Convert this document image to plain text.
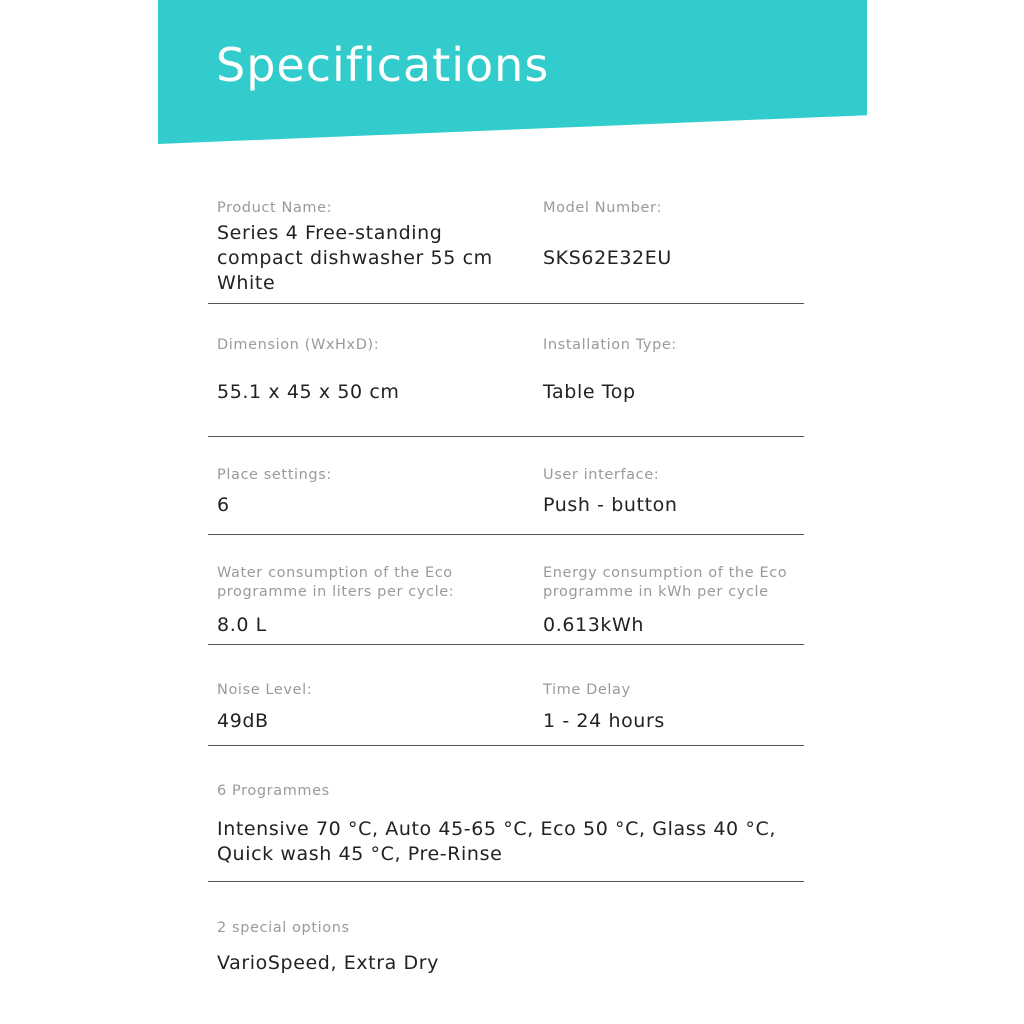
Specifications
Product Name:
Series 4 Free-standing
compact dishwasher 55 cm
White
Model Number:
SKS62E32EU
Dimension (WxHxD):
55.1 x 45 x 50 cm
Installation Type:
Table Top
Place settings:
6
User interface:
Push - button
Water consumption of the Eco
programme in liters per cycle:
8.0 L
Energy consumption of the Eco
programme in kWh per cycle
0.613kWh
Noise Level:
49dB
Time Delay
1 - 24 hours
6 Programmes
Intensive 70 °C, Auto 45-65 °C, Eco 50 °C, Glass 40 °C,
Quick wash 45 °C, Pre-Rinse
2 special options
VarioSpeed, Extra Dry
